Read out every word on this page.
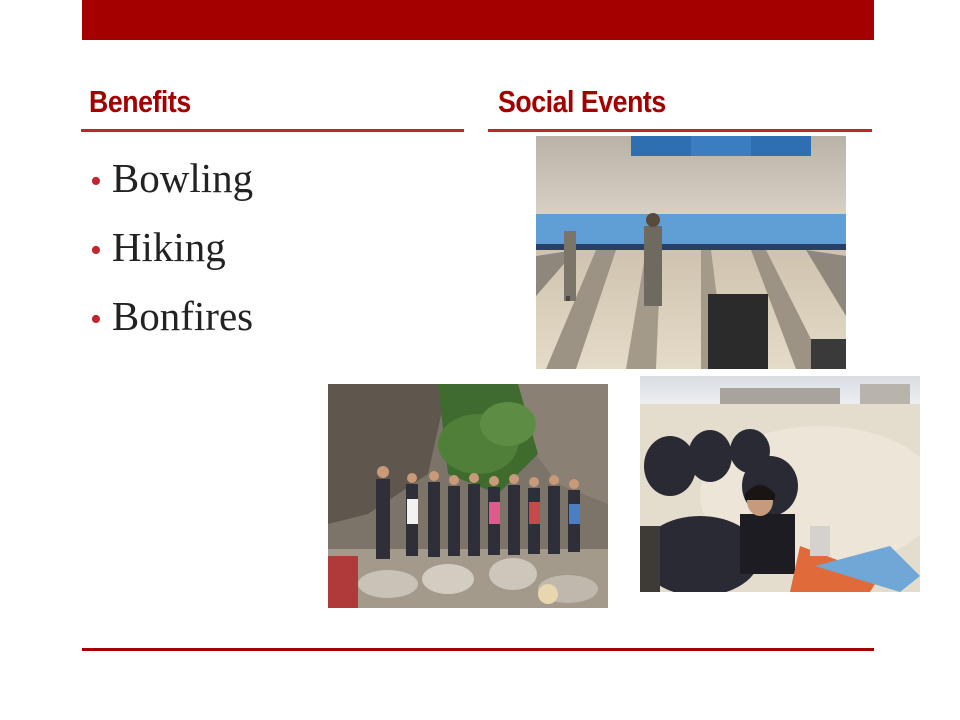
Benefits	Social Events
• Bowling
• Hiking
• Bonfires
